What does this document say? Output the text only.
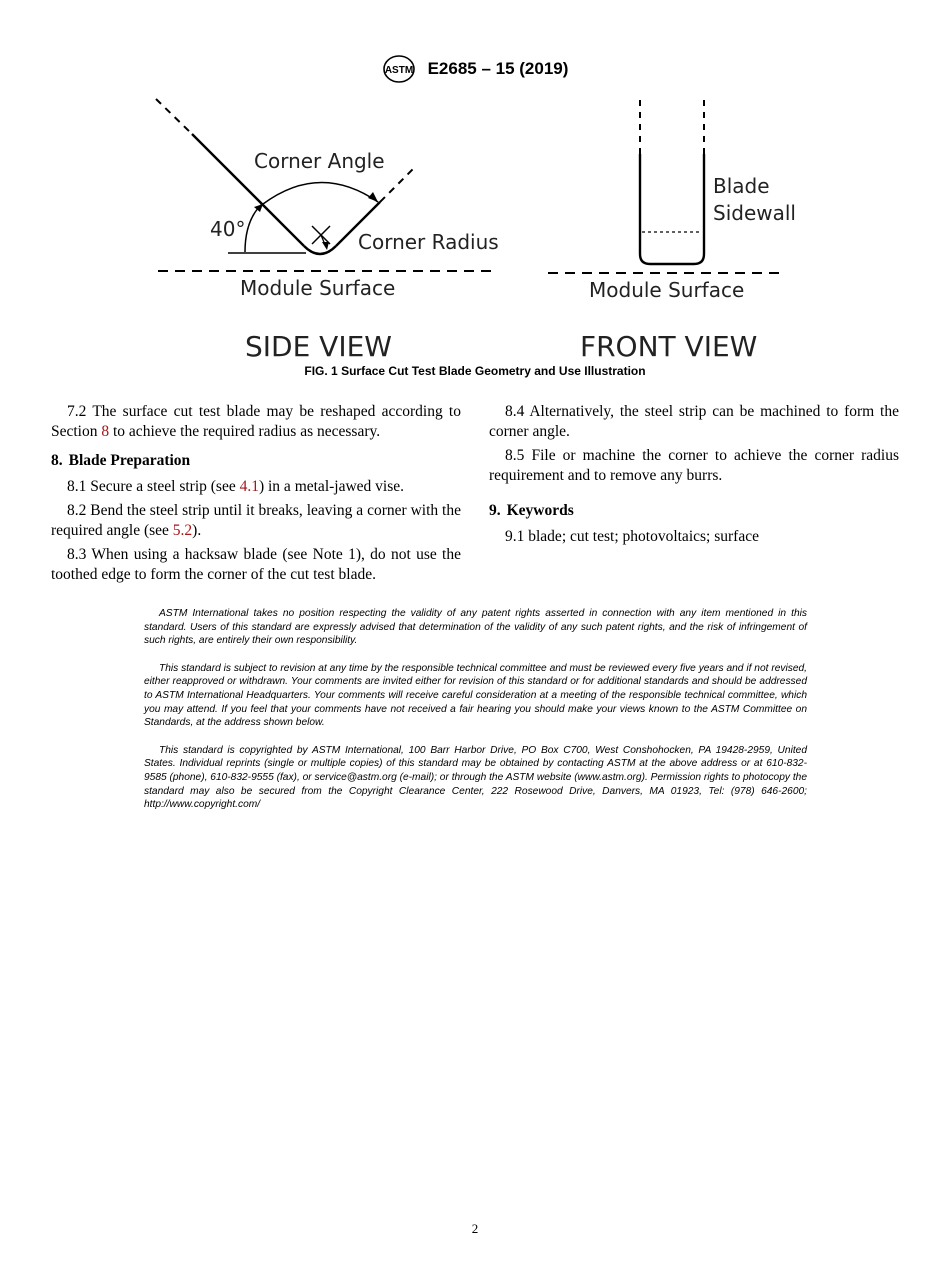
ASTM E2685 – 15 (2019)
Corner Angle
40°
Corner Radius
Module Surface
SIDE VIEW
Blade
Sidewall
Module Surface
FRONT VIEW
FIG. 1 Surface Cut Test Blade Geometry and Use Illustration

7.2 The surface cut test blade may be reshaped according to Section 8 to achieve the required radius as necessary.

8. Blade Preparation

8.1 Secure a steel strip (see 4.1) in a metal-jawed vise.

8.2 Bend the steel strip until it breaks, leaving a corner with the required angle (see 5.2).

8.3 When using a hacksaw blade (see Note 1), do not use the toothed edge to form the corner of the cut test blade.

8.4 Alternatively, the steel strip can be machined to form the corner angle.

8.5 File or machine the corner to achieve the corner radius requirement and to remove any burrs.

9. Keywords

9.1 blade; cut test; photovoltaics; surface

ASTM International takes no position respecting the validity of any patent rights asserted in connection with any item mentioned in this standard. Users of this standard are expressly advised that determination of the validity of any such patent rights, and the risk of infringement of such rights, are entirely their own responsibility.

This standard is subject to revision at any time by the responsible technical committee and must be reviewed every five years and if not revised, either reapproved or withdrawn. Your comments are invited either for revision of this standard or for additional standards and should be addressed to ASTM International Headquarters. Your comments will receive careful consideration at a meeting of the responsible technical committee, which you may attend. If you feel that your comments have not received a fair hearing you should make your views known to the ASTM Committee on Standards, at the address shown below.

This standard is copyrighted by ASTM International, 100 Barr Harbor Drive, PO Box C700, West Conshohocken, PA 19428-2959, United States. Individual reprints (single or multiple copies) of this standard may be obtained by contacting ASTM at the above address or at 610-832-9585 (phone), 610-832-9555 (fax), or service@astm.org (e-mail); or through the ASTM website (www.astm.org). Permission rights to photocopy the standard may also be secured from the Copyright Clearance Center, 222 Rosewood Drive, Danvers, MA 01923, Tel: (978) 646-2600; http://www.copyright.com/

2
